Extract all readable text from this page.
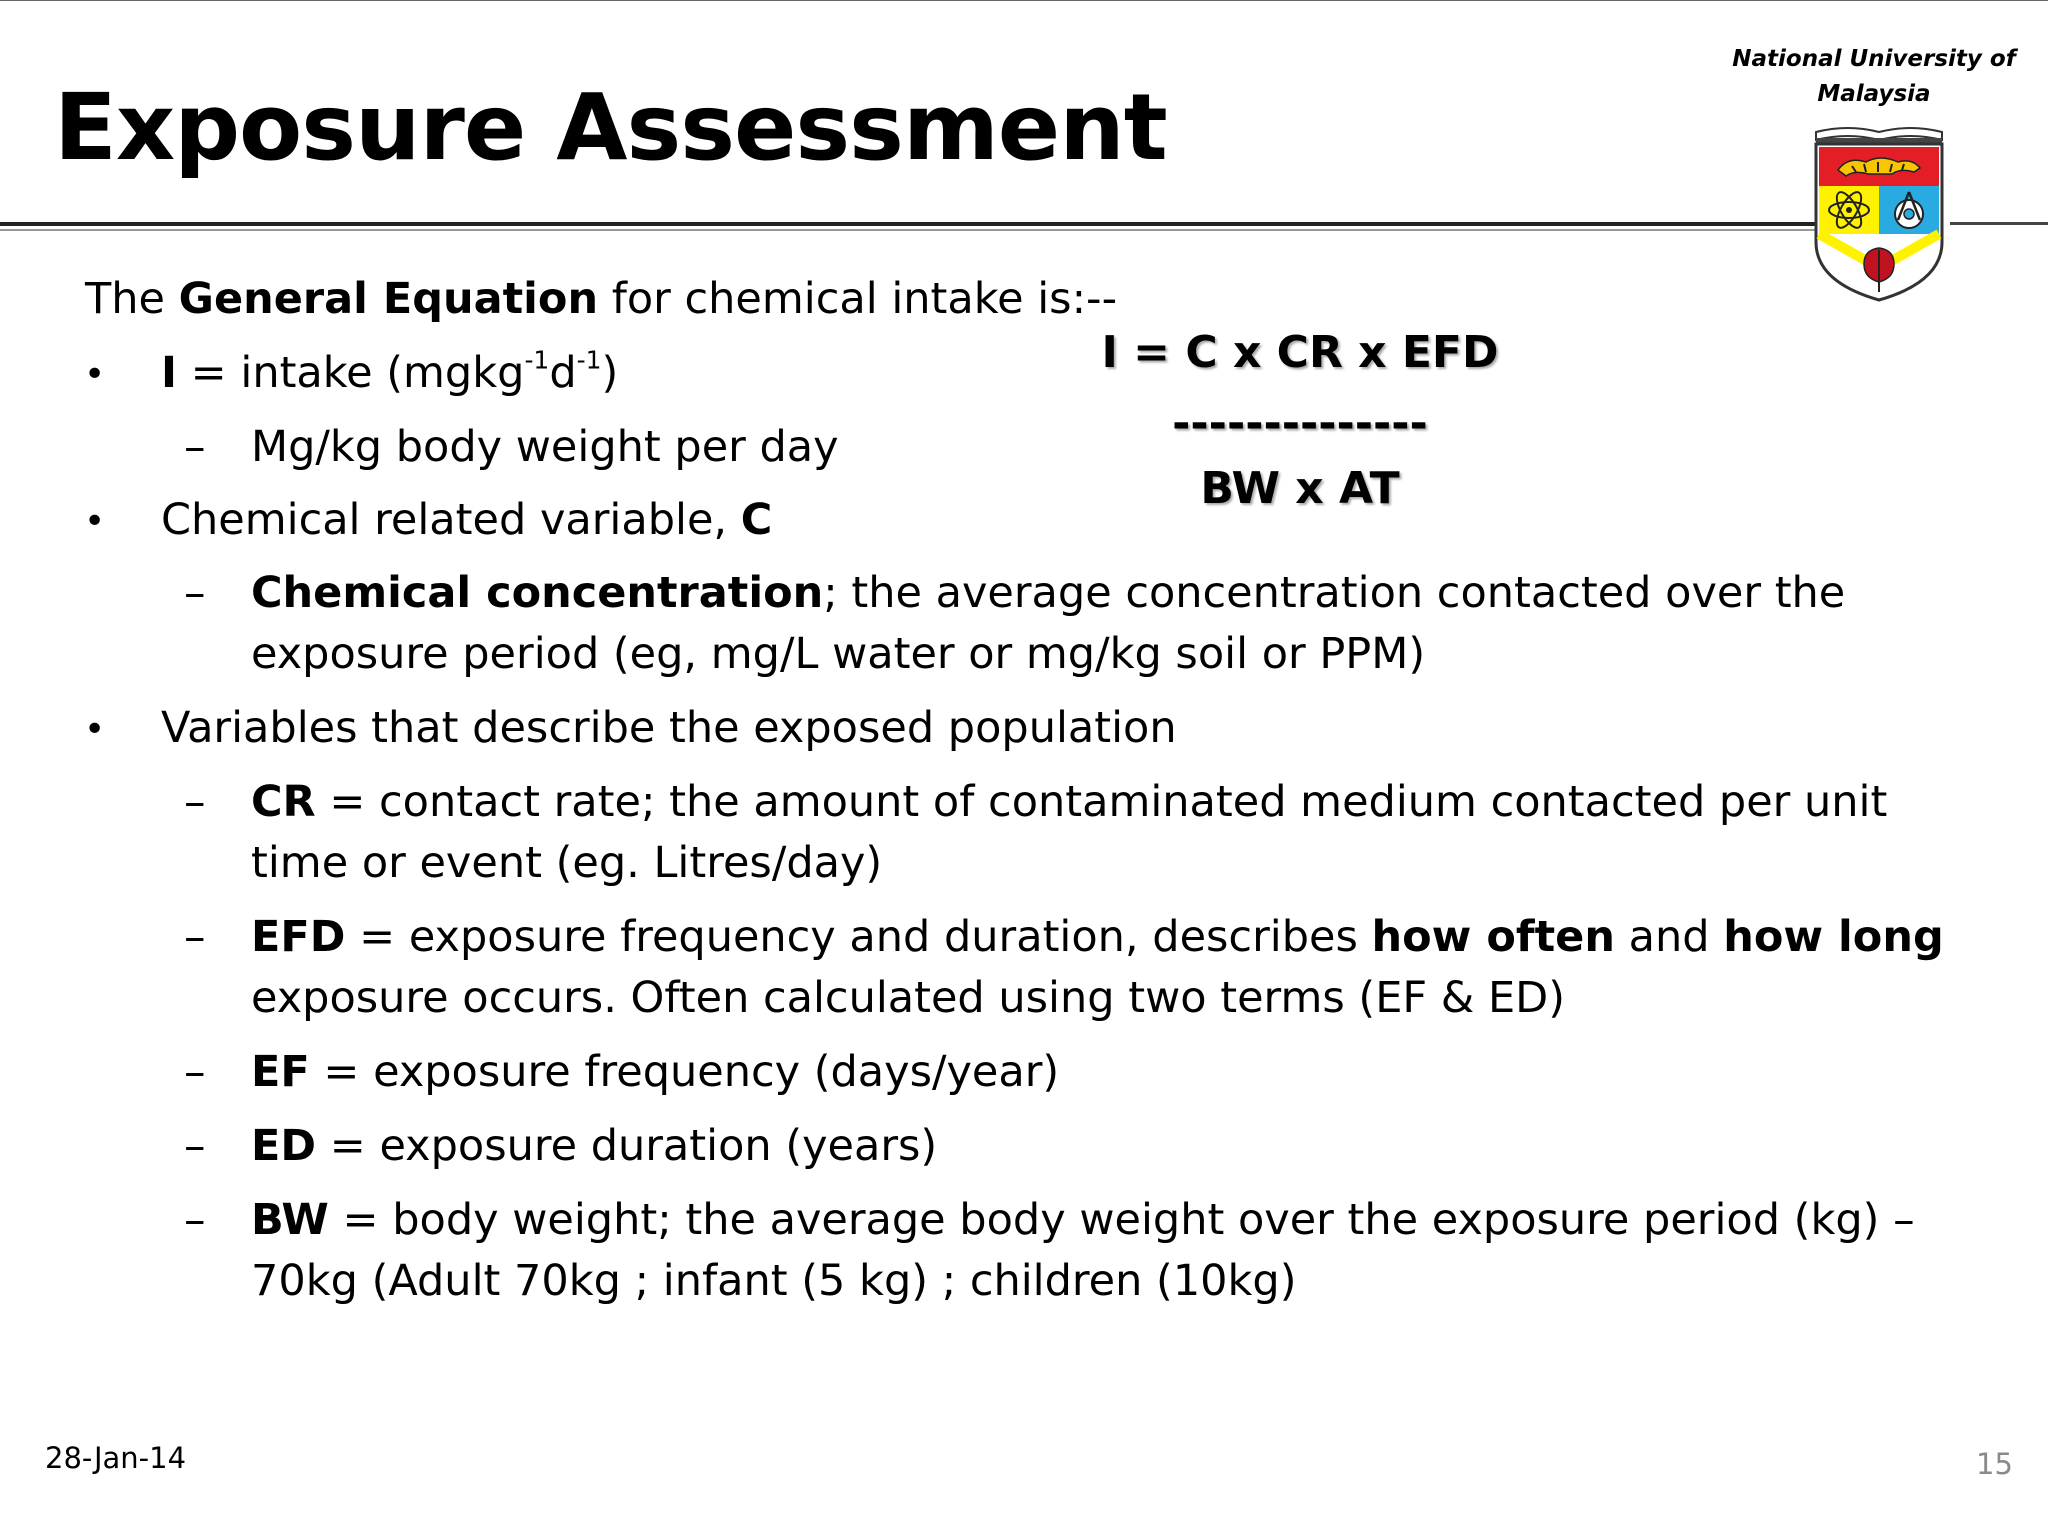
Exposure Assessment
National University of Malaysia
The General Equation for chemical intake is:--
• I = intake $(mgkg^{-1}d^{-1})$
– Mg/kg body weight per day
I = C x CR x EFD
--------------
BW x AT
• Chemical related variable, C
– Chemical concentration; the average concentration contacted over the
exposure period (eg, mg/L water or mg/kg soil or PPM)
• Variables that describe the exposed population
– CR = contact rate; the amount of contaminated medium contacted per unit
time or event (eg. Litres/day)
– EFD = exposure frequency and duration, describes how often and how long
exposure occurs. Often calculated using two terms (EF & ED)
– EF = exposure frequency (days/year)
– ED = exposure duration (years)
– BW = body weight; the average body weight over the exposure period (kg) –
70kg (Adult 70kg ; infant (5 kg) ; children (10kg)
28-Jan-14	15
